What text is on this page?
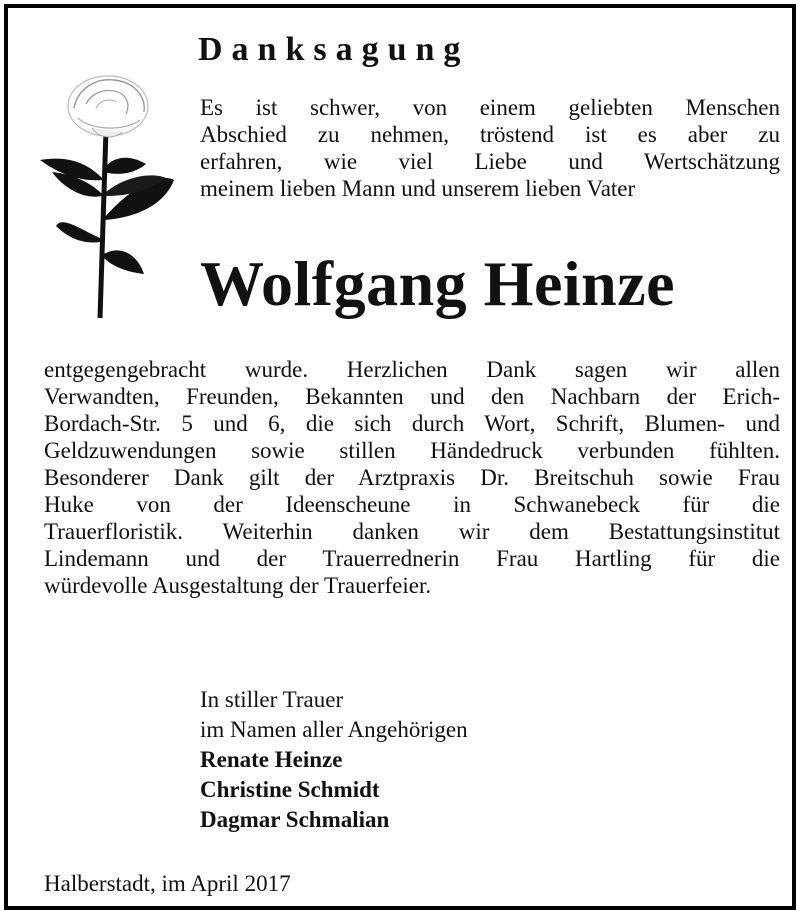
Danksagung
Es ist schwer, von einem geliebten Menschen
Abschied zu nehmen, tröstend ist es aber zu
erfahren, wie viel Liebe und Wertschätzung
meinem lieben Mann und unserem lieben Vater
Wolfgang Heinze
entgegengebracht wurde. Herzlichen Dank sagen wir allen
Verwandten, Freunden, Bekannten und den Nachbarn der Erich-
Bordach-Str. 5 und 6, die sich durch Wort, Schrift, Blumen- und
Geldzuwendungen sowie stillen Händedruck verbunden fühlten.
Besonderer Dank gilt der Arztpraxis Dr. Breitschuh sowie Frau
Huke von der Ideenscheune in Schwanebeck für die
Trauerfloristik. Weiterhin danken wir dem Bestattungsinstitut
Lindemann und der Trauerrednerin Frau Hartling für die
würdevolle Ausgestaltung der Trauerfeier.
In stiller Trauer
im Namen aller Angehörigen
Renate Heinze
Christine Schmidt
Dagmar Schmalian
Halberstadt, im April 2017
